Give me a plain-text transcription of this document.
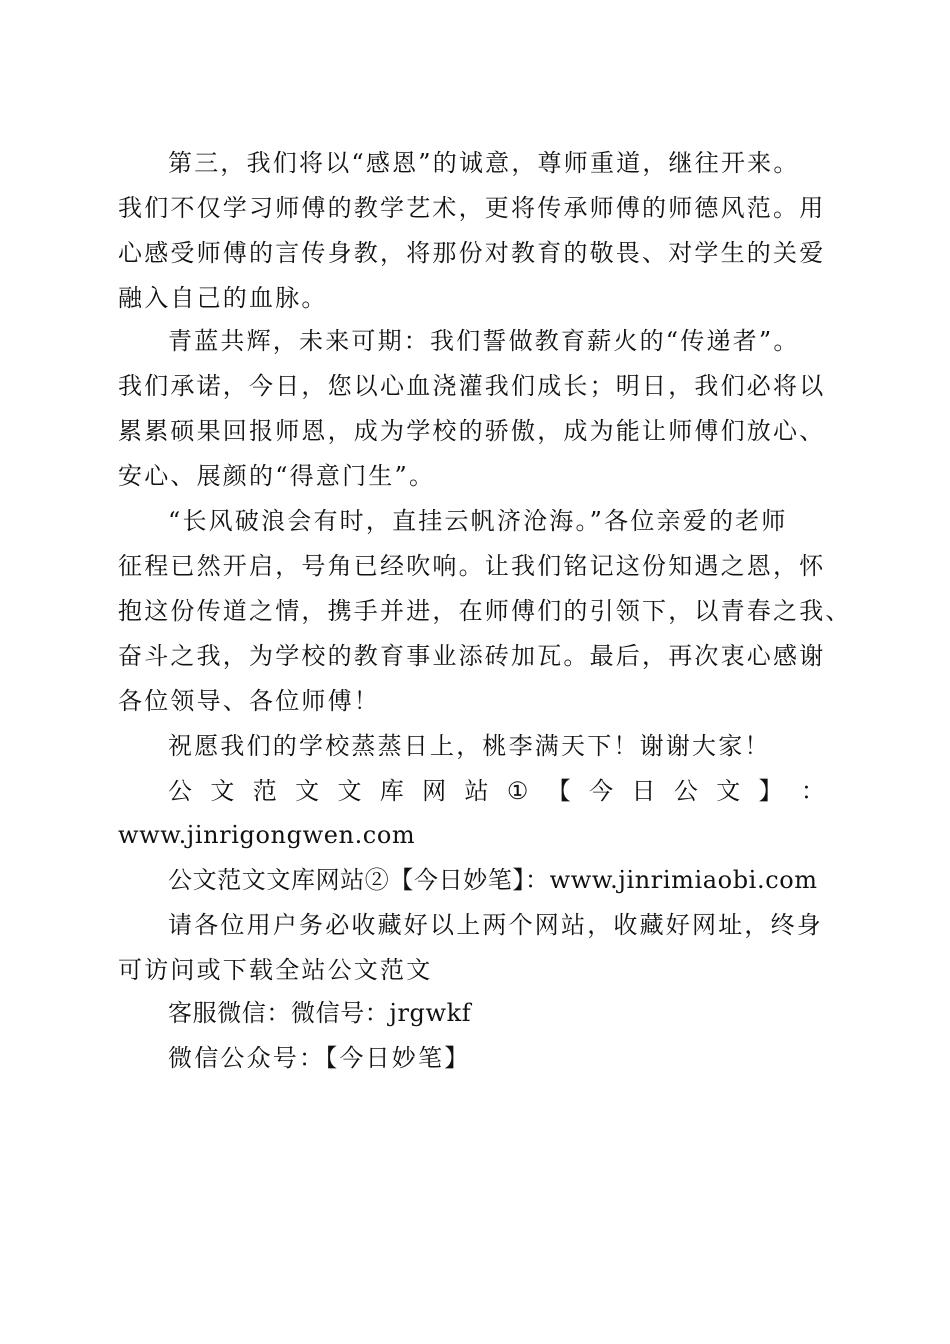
第三，我们将以“感恩”的诚意，尊师重道，继往开来。
我们不仅学习师傅的教学艺术，更将传承师傅的师德风范。用
心感受师傅的言传身教，将那份对教育的敬畏、对学生的关爱
融入自己的血脉。
青蓝共辉，未来可期：我们誓做教育薪火的“传递者”。
我们承诺，今日，您以心血浇灌我们成长；明日，我们必将以
累累硕果回报师恩，成为学校的骄傲，成为能让师傅们放心、
安心、展颜的“得意门生”。
“长风破浪会有时，直挂云帆济沧海。”各位亲爱的老师
征程已然开启，号角已经吹响。让我们铭记这份知遇之恩，怀
抱这份传道之情，携手并进，在师傅们的引领下，以青春之我、
奋斗之我，为学校的教育事业添砖加瓦。最后，再次衷心感谢
各位领导、各位师傅！
祝愿我们的学校蒸蒸日上，桃李满天下！谢谢大家！
公 文 范 文 文 库 网 站 ① 【 今 日 公 文 】 ：
www.jinrigongwen.com
公文范文文库网站②【今日妙笔】：www.jinrimiaobi.com
请各位用户务必收藏好以上两个网站，收藏好网址，终身
可访问或下载全站公文范文
客服微信：微信号：jrgwkf
微信公众号：【今日妙笔】
